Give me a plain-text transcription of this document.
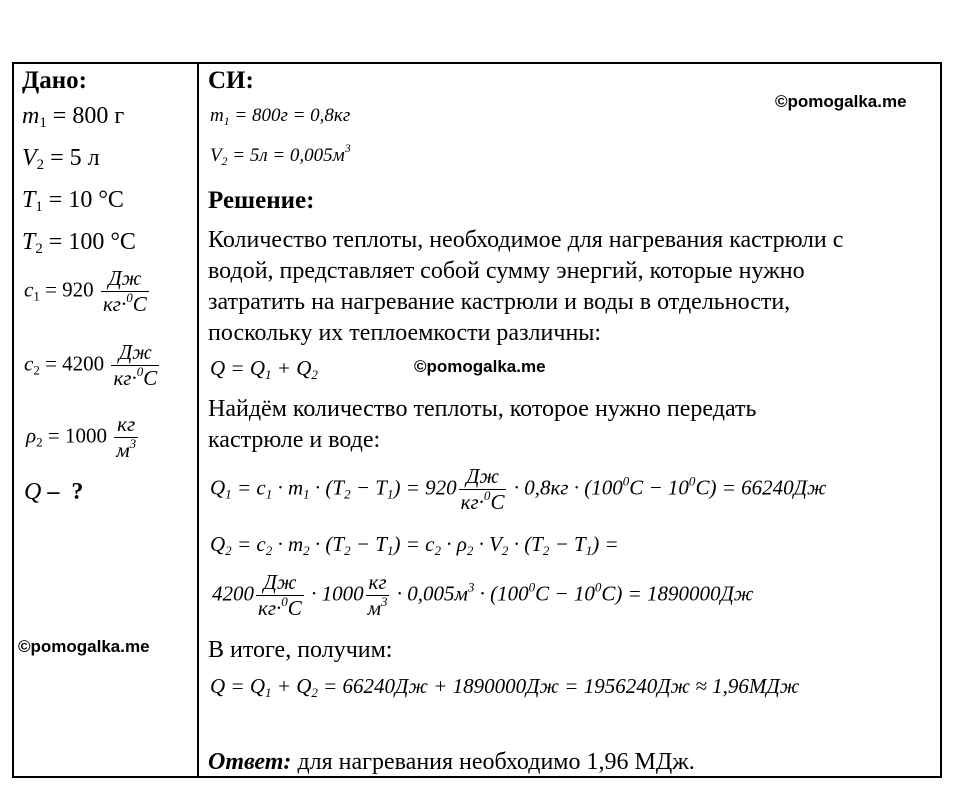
©pomogalka.me
©pomogalka.me
©pomogalka.me
Дано:
$m_1 = 800$ г
$V_2 = 5$ л
$T_1 = 10$ °С
$T_2 = 100$ °С
$c_1 = 920 \frac{Дж}{кг\cdot^0С}$
$c_2 = 4200 \frac{Дж}{кг\cdot^0С}$
$\rho_2 = 1000 \frac{кг}{м^3}$
Q – ?
СИ:
$m_1 = 800г = 0,8кг$
$V_2 = 5л = 0,005м^3$
Решение:
Количество теплоты, необходимое для нагревания кастрюли с
водой, представляет собой сумму энергий, которые нужно
затратить на нагревание кастрюли и воды в отдельности,
поскольку их теплоемкости различны:
$Q = Q_1 + Q_2$
Найдём количество теплоты, которое нужно передать
кастрюле и воде:
$Q_1 = c_1 \cdot m_1 \cdot (T_2 - T_1) = 920 \frac{Дж}{кг\cdot^0С} \cdot 0,8кг \cdot (100^0С - 10^0С) = 66240Дж$
$Q_2 = c_2 \cdot m_2 \cdot (T_2 - T_1) = c_2 \cdot \rho_2 \cdot V_2 \cdot (T_2 - T_1)$ =
$4200 \frac{Дж}{кг\cdot^0С} \cdot 1000 \frac{кг}{м^3} \cdot 0,005м^3 \cdot (100^0С - 10^0С) = 1890000Дж$
В итоге, получим:
$Q = Q_1 + Q_2 = 66240Дж + 1890000Дж = 1956240Дж \approx 1,96МДж$
Ответ: для нагревания необходимо 1,96 МДж.
